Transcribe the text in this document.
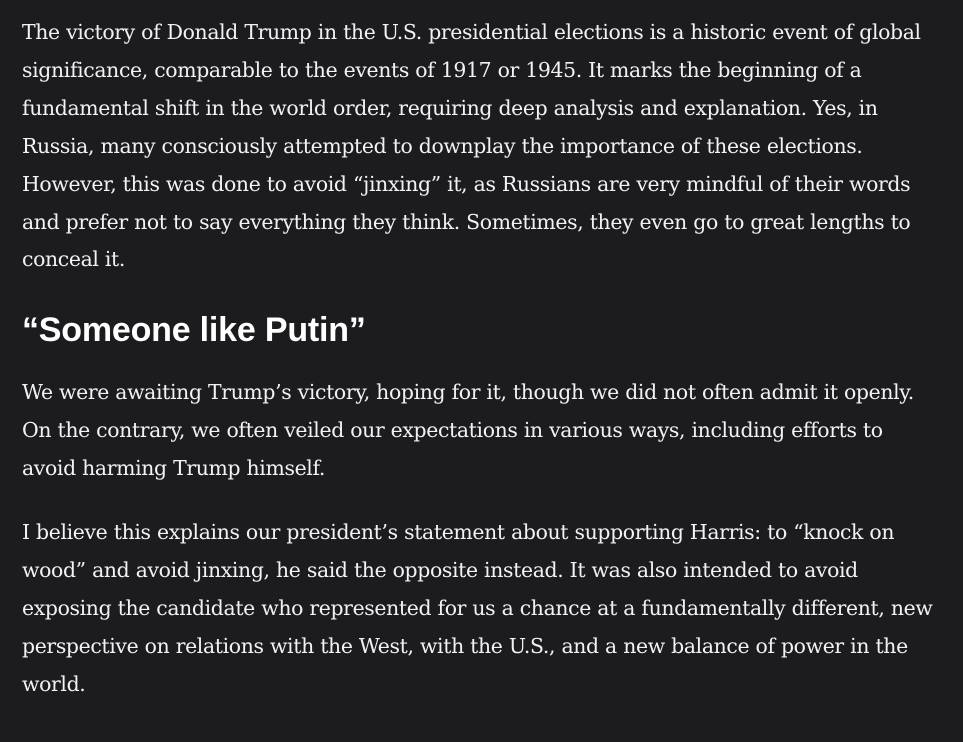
The victory of Donald Trump in the U.S. presidential elections is a historic event of global significance, comparable to the events of 1917 or 1945. It marks the beginning of a fundamental shift in the world order, requiring deep analysis and explanation. Yes, in Russia, many consciously attempted to downplay the importance of these elections. However, this was done to avoid “jinxing” it, as Russians are very mindful of their words and prefer not to say everything they think. Sometimes, they even go to great lengths to conceal it.

“Someone like Putin”

We were awaiting Trump’s victory, hoping for it, though we did not often admit it openly. On the contrary, we often veiled our expectations in various ways, including efforts to avoid harming Trump himself.

I believe this explains our president’s statement about supporting Harris: to “knock on wood” and avoid jinxing, he said the opposite instead. It was also intended to avoid exposing the candidate who represented for us a chance at a fundamentally different, new perspective on relations with the West, with the U.S., and a new balance of power in the world.
